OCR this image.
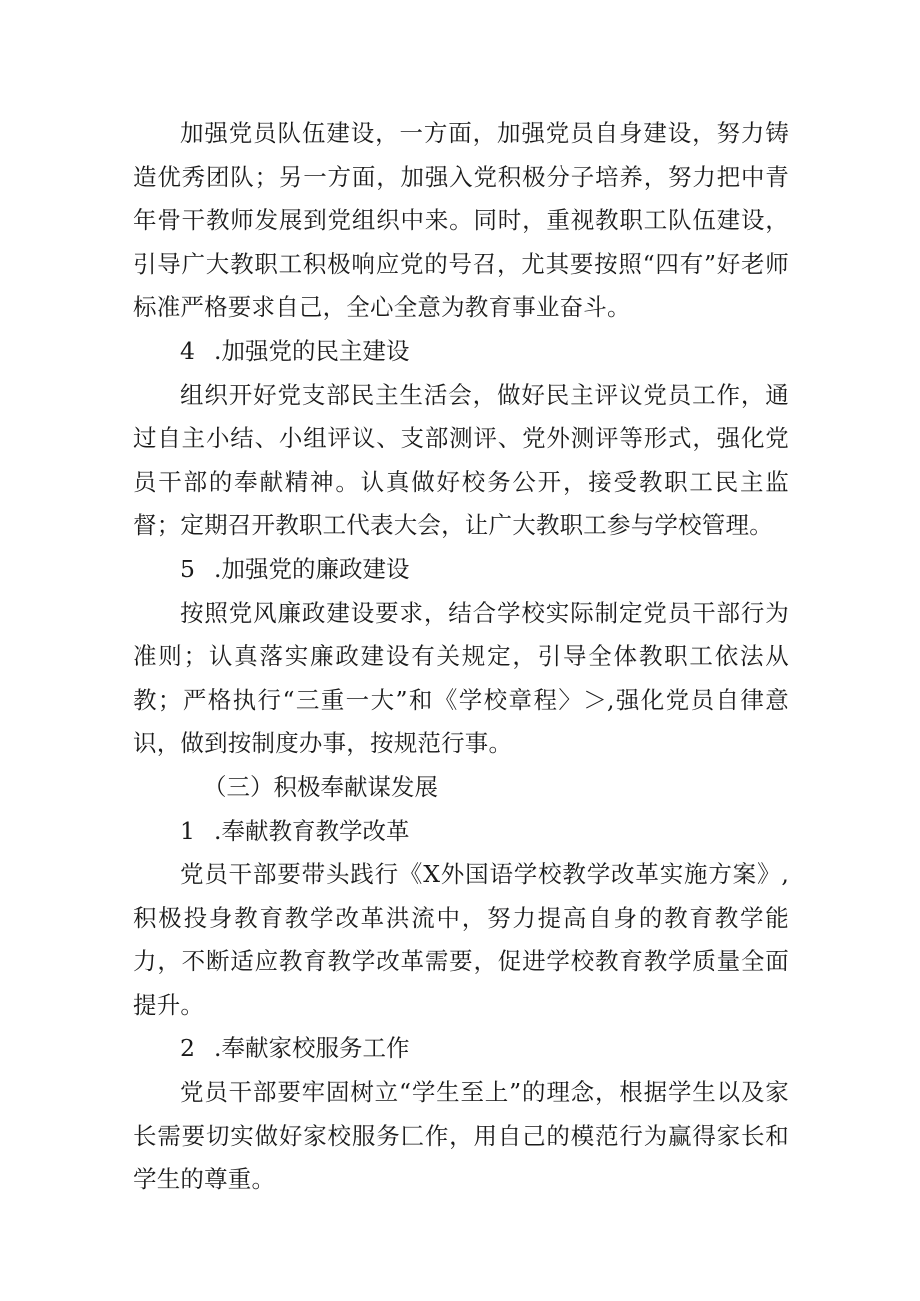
加强党员队伍建设，一方面，加强党员自身建设，努力铸造优秀团队；另一方面，加强入党积极分子培养，努力把中青年骨干教师发展到党组织中来。同时，重视教职工队伍建设，引导广大教职工积极响应党的号召，尤其要按照“四有”好老师标准严格要求自己，全心全意为教育事业奋斗。

4 .加强党的民主建设

组织开好党支部民主生活会，做好民主评议党员工作，通过自主小结、小组评议、支部测评、党外测评等形式，强化党员干部的奉献精神。认真做好校务公开，接受教职工民主监督；定期召开教职工代表大会，让广大教职工参与学校管理。

5 .加强党的廉政建设

按照党风廉政建设要求，结合学校实际制定党员干部行为准则；认真落实廉政建设有关规定，引导全体教职工依法从教；严格执行“三重一大”和《学校章程〉＞,强化党员自律意识，做到按制度办事，按规范行事。

（三）积极奉献谋发展

1 .奉献教育教学改革

党员干部要带头践行《X外国语学校教学改革实施方案》,积极投身教育教学改革洪流中，努力提高自身的教育教学能力，不断适应教育教学改革需要，促进学校教育教学质量全面提升。

2 .奉献家校服务工作

党员干部要牢固树立“学生至上”的理念，根据学生以及家长需要切实做好家校服务匚作，用自己的模范行为赢得家长和学生的尊重。
